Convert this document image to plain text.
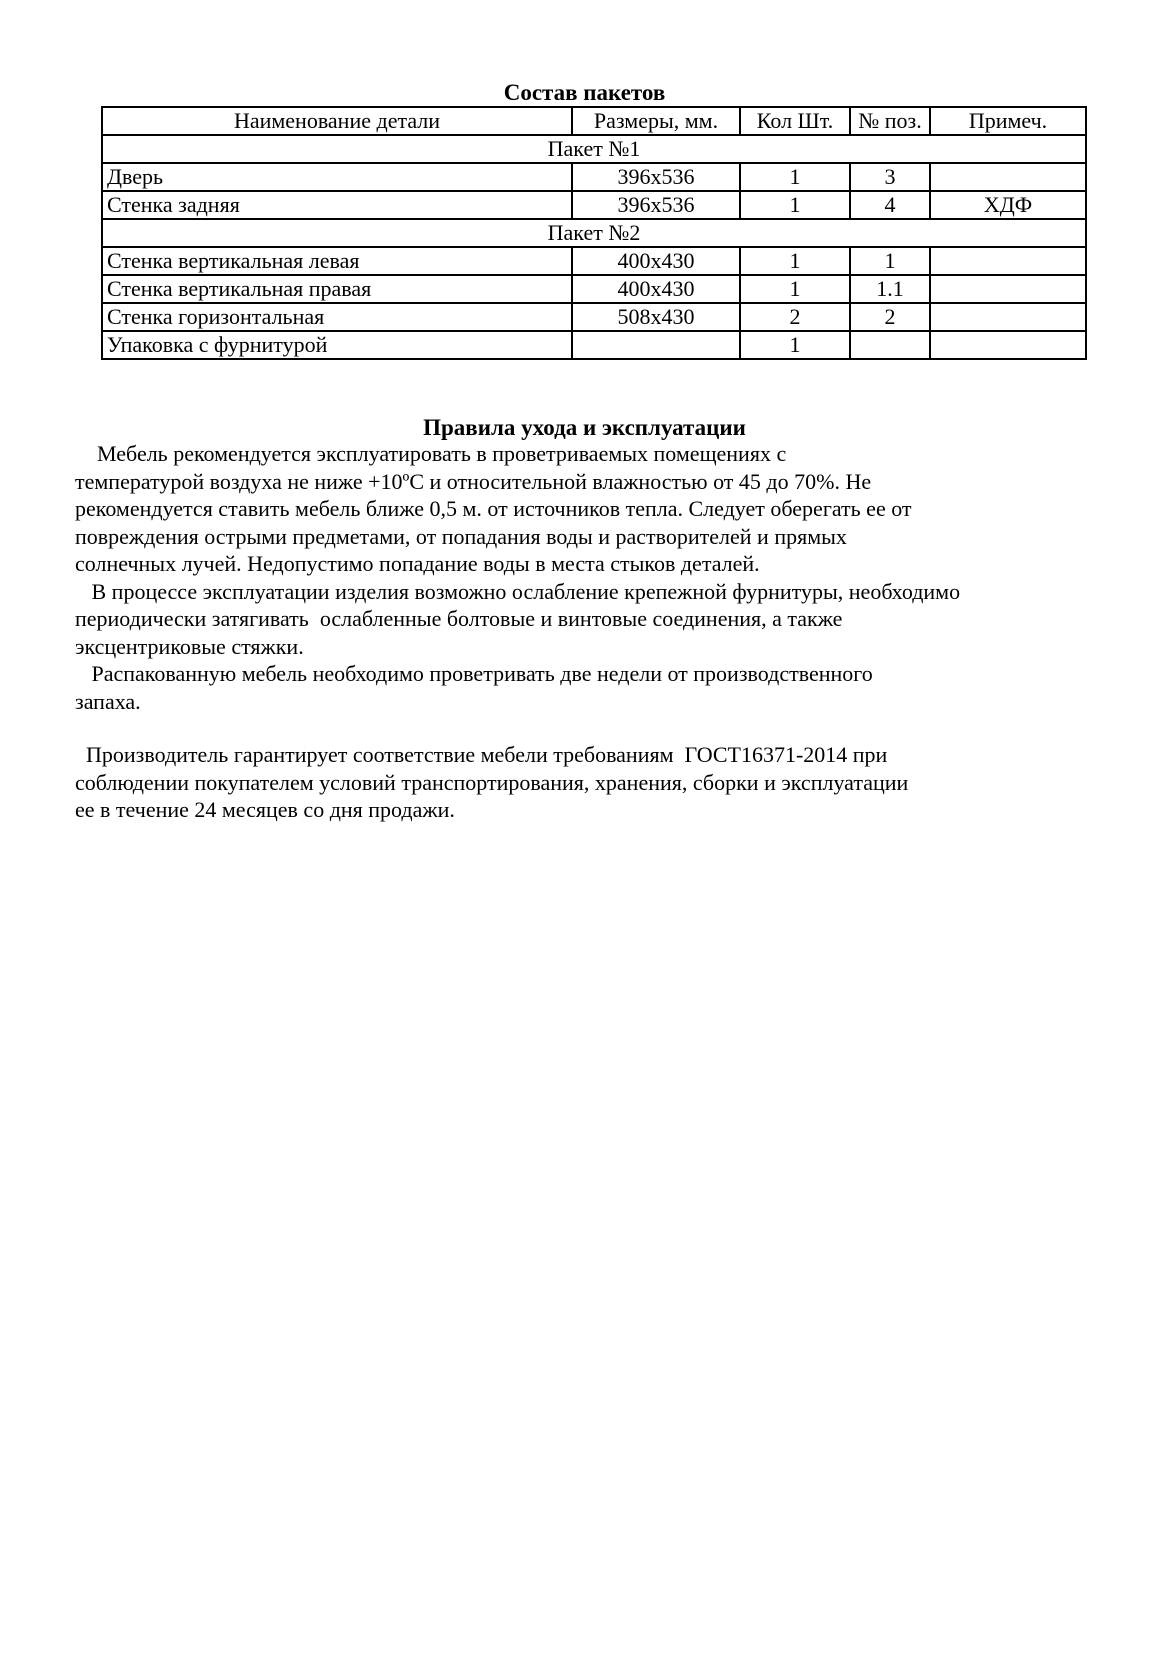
Состав пакетов
Наименование детали	Размеры, мм.	Кол Шт.	№ поз.	Примеч.
Пакет №1				
Дверь	396х536	1	3	
Стенка задняя	396х536	1	4	ХДФ
Пакет №2				
Стенка вертикальная левая	400х430	1	1	
Стенка вертикальная правая	400х430	1	1.1	
Стенка горизонтальная	508х430	2	2	
Упаковка с фурнитурой		1		
Правила ухода и эксплуатации
Мебель рекомендуется эксплуатировать в проветриваемых помещениях с
температурой воздуха не ниже +10ºС и относительной влажностью от 45 до 70%. Не
рекомендуется ставить мебель ближе 0,5 м. от источников тепла. Следует оберегать ее от
повреждения острыми предметами, от попадания воды и растворителей и прямых
солнечных лучей. Недопустимо попадание воды в места стыков деталей.
В процессе эксплуатации изделия возможно ослабление крепежной фурнитуры, необходимо
периодически затягивать  ослабленные болтовые и винтовые соединения, а также
эксцентриковые стяжки.
Распакованную мебель необходимо проветривать две недели от производственного
запаха.
Производитель гарантирует соответствие мебели требованиям  ГОСТ16371-2014 при
соблюдении покупателем условий транспортирования, хранения, сборки и эксплуатации
ее в течение 24 месяцев со дня продажи.
